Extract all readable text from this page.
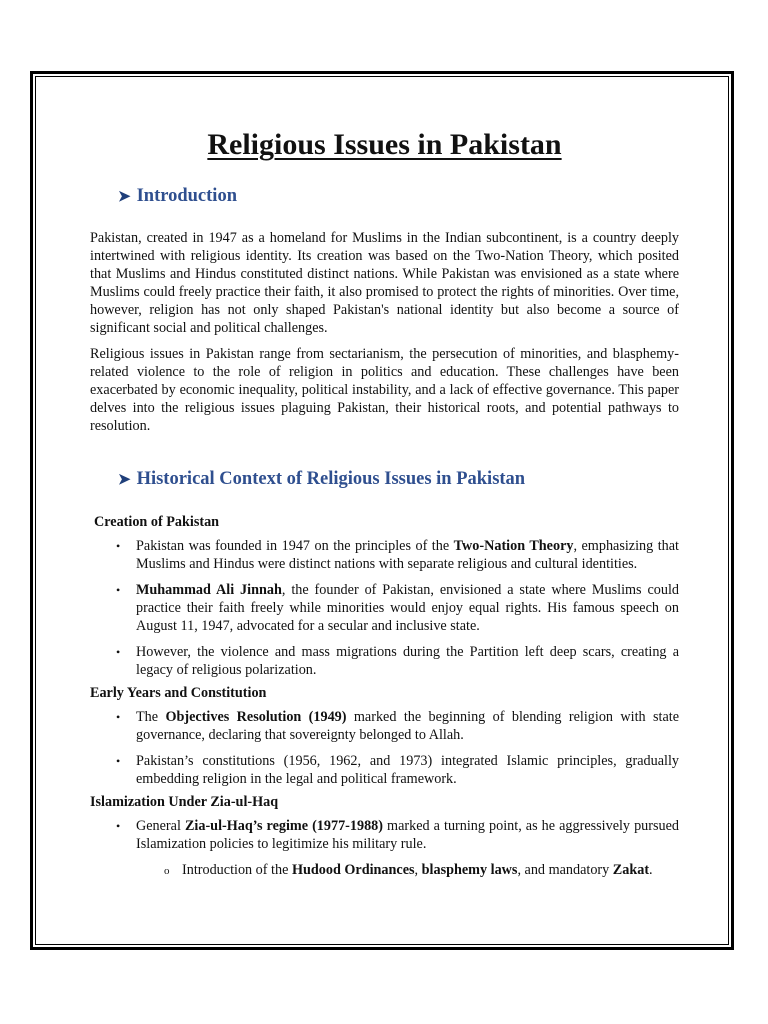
Religious Issues in Pakistan
➤ Introduction

Pakistan, created in 1947 as a homeland for Muslims in the Indian subcontinent, is a country deeply intertwined with religious identity. Its creation was based on the Two-Nation Theory, which posited that Muslims and Hindus constituted distinct nations. While Pakistan was envisioned as a state where Muslims could freely practice their faith, it also promised to protect the rights of minorities. Over time, however, religion has not only shaped Pakistan's national identity but also become a source of significant social and political challenges.

Religious issues in Pakistan range from sectarianism, the persecution of minorities, and blasphemy-related violence to the role of religion in politics and education. These challenges have been exacerbated by economic inequality, political instability, and a lack of effective governance. This paper delves into the religious issues plaguing Pakistan, their historical roots, and potential pathways to resolution.

➤ Historical Context of Religious Issues in Pakistan
Creation of Pakistan
• Pakistan was founded in 1947 on the principles of the Two-Nation Theory, emphasizing that Muslims and Hindus were distinct nations with separate religious and cultural identities.
• Muhammad Ali Jinnah, the founder of Pakistan, envisioned a state where Muslims could practice their faith freely while minorities would enjoy equal rights. His famous speech on August 11, 1947, advocated for a secular and inclusive state.
• However, the violence and mass migrations during the Partition left deep scars, creating a legacy of religious polarization.
Early Years and Constitution
• The Objectives Resolution (1949) marked the beginning of blending religion with state governance, declaring that sovereignty belonged to Allah.
• Pakistan’s constitutions (1956, 1962, and 1973) integrated Islamic principles, gradually embedding religion in the legal and political framework.
Islamization Under Zia-ul-Haq
• General Zia-ul-Haq’s regime (1977-1988) marked a turning point, as he aggressively pursued Islamization policies to legitimize his military rule.
o Introduction of the Hudood Ordinances, blasphemy laws, and mandatory Zakat.
